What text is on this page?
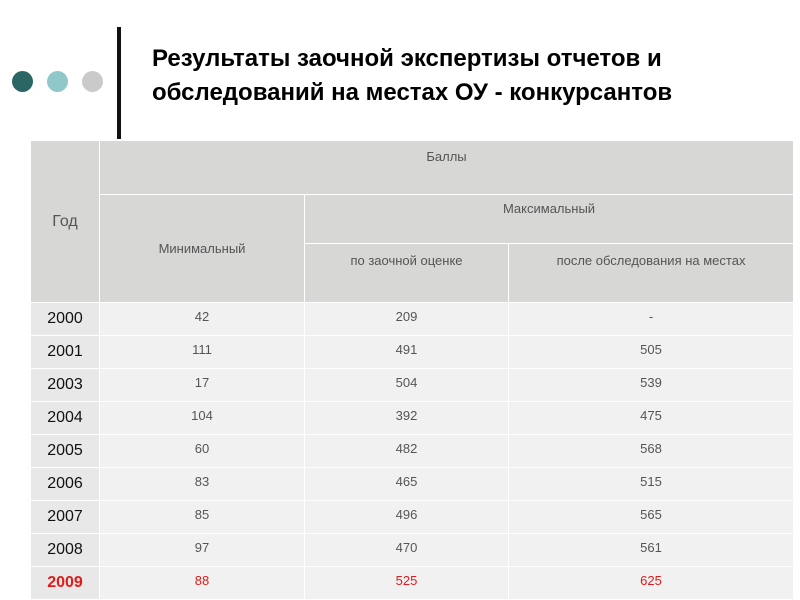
Результаты заочной экспертизы отчетов и
обследований на местах ОУ - конкурсантов
Год	Баллы		
	Минимальный	Максимальный	
		по заочной оценке	после обследования на местах
2000	42	209	-
2001	111	491	505
2003	17	504	539
2004	104	392	475
2005	60	482	568
2006	83	465	515
2007	85	496	565
2008	97	470	561
2009	88	525	625
